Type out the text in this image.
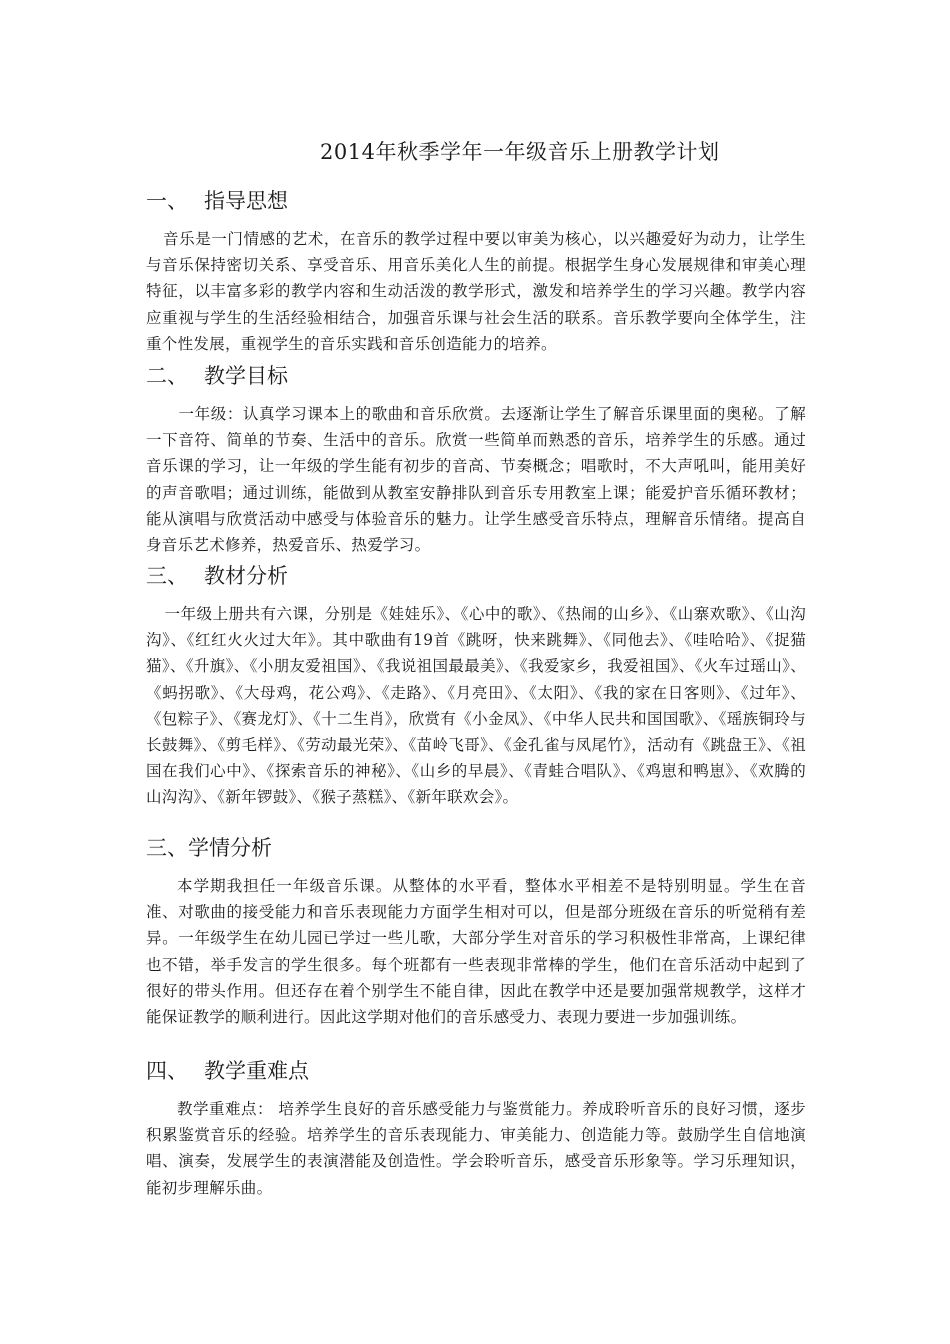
2014年秋季学年一年级音乐上册教学计划
一、 指导思想

音乐是一门情感的艺术，在音乐的教学过程中要以审美为核心，以兴趣爱好为动力，让学生与音乐保持密切关系、享受音乐、用音乐美化人生的前提。根据学生身心发展规律和审美心理特征，以丰富多彩的教学内容和生动活泼的教学形式，激发和培养学生的学习兴趣。教学内容应重视与学生的生活经验相结合，加强音乐课与社会生活的联系。音乐教学要向全体学生，注重个性发展，重视学生的音乐实践和音乐创造能力的培养。

二、 教学目标

一年级：认真学习课本上的歌曲和音乐欣赏。去逐渐让学生了解音乐课里面的奥秘。了解一下音符、简单的节奏、生活中的音乐。欣赏一些简单而熟悉的音乐，培养学生的乐感。通过音乐课的学习，让一年级的学生能有初步的音高、节奏概念；唱歌时，不大声吼叫，能用美好的声音歌唱；通过训练，能做到从教室安静排队到音乐专用教室上课；能爱护音乐循环教材；能从演唱与欣赏活动中感受与体验音乐的魅力。让学生感受音乐特点，理解音乐情绪。提高自身音乐艺术修养，热爱音乐、热爱学习。

三、 教材分析

一年级上册共有六课，分别是《娃娃乐》、《心中的歌》、《热闹的山乡》、《山寨欢歌》、《山沟沟》、《红红火火过大年》。其中歌曲有19首《跳呀，快来跳舞》、《同他去》、《哇哈哈》、《捉猫猫》、《升旗》、《小朋友爱祖国》、《我说祖国最最美》、《我爱家乡，我爱祖国》、《火车过瑶山》、《蚂拐歌》、《大母鸡，花公鸡》、《走路》、《月亮田》、《太阳》、《我的家在日客则》、《过年》、《包粽子》、《赛龙灯》、《十二生肖》，欣赏有《小金凤》、《中华人民共和国国歌》、《瑶族铜玲与长鼓舞》、《剪毛样》、《劳动最光荣》、《苗岭飞哥》、《金孔雀与凤尾竹》，活动有《跳盘王》、《祖国在我们心中》、《探索音乐的神秘》、《山乡的早晨》、《青蛙合唱队》、《鸡崽和鸭崽》、《欢腾的山沟沟》、《新年锣鼓》、《猴子蒸糕》、《新年联欢会》。

三、学情分析

本学期我担任一年级音乐课。从整体的水平看，整体水平相差不是特别明显。学生在音准、对歌曲的接受能力和音乐表现能力方面学生相对可以，但是部分班级在音乐的听觉稍有差异。一年级学生在幼儿园已学过一些儿歌，大部分学生对音乐的学习积极性非常高，上课纪律也不错，举手发言的学生很多。每个班都有一些表现非常棒的学生，他们在音乐活动中起到了很好的带头作用。但还存在着个别学生不能自律，因此在教学中还是要加强常规教学，这样才能保证教学的顺利进行。因此这学期对他们的音乐感受力、表现力要进一步加强训练。

四、 教学重难点

教学重难点： 培养学生良好的音乐感受能力与鉴赏能力。养成聆听音乐的良好习惯，逐步积累鉴赏音乐的经验。培养学生的音乐表现能力、审美能力、创造能力等。鼓励学生自信地演唱、演奏，发展学生的表演潜能及创造性。学会聆听音乐，感受音乐形象等。学习乐理知识，能初步理解乐曲。
